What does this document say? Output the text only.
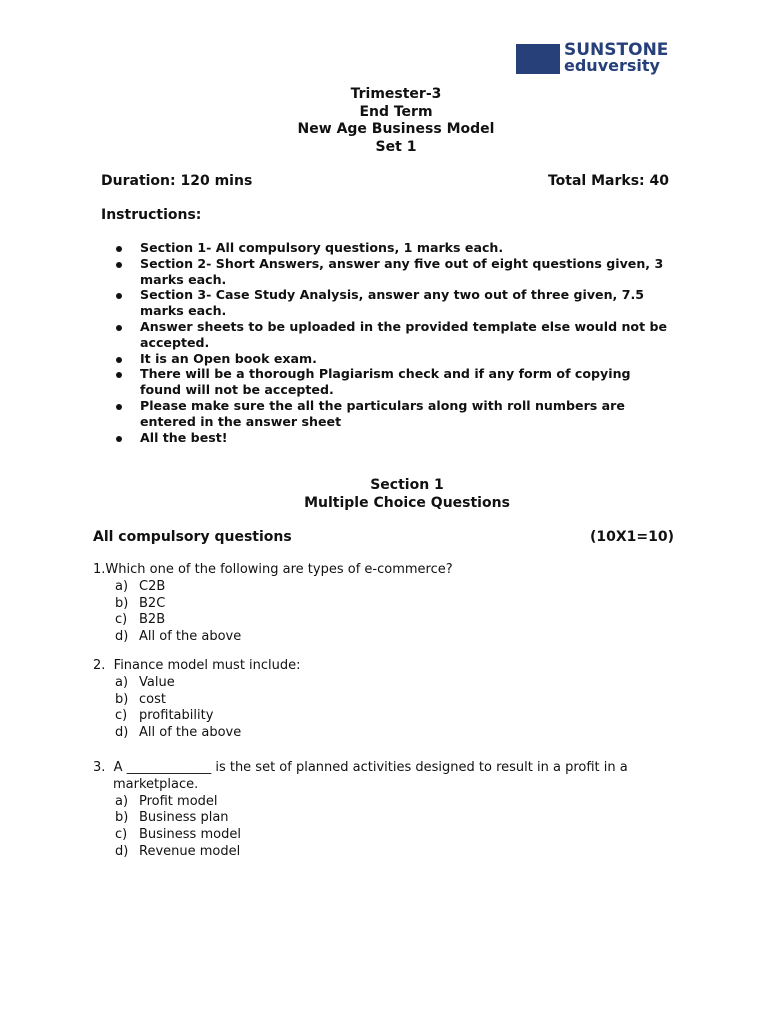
SUNSTONE
eduversity
Trimester-3
End Term
New Age Business Model
Set 1
Duration: 120 mins	Total Marks: 40
Instructions:
Section 1- All compulsory questions, 1 marks each.
Section 2- Short Answers, answer any five out of eight questions given, 3 marks each.
Section 3- Case Study Analysis, answer any two out of three given, 7.5 marks each.
Answer sheets to be uploaded in the provided template else would not be accepted.
It is an Open book exam.
There will be a thorough Plagiarism check and if any form of copying found will not be accepted.
Please make sure the all the particulars along with roll numbers are entered in the answer sheet
All the best!
Section 1
Multiple Choice Questions
All compulsory questions	(10X1=10)
1.Which one of the following are types of e-commerce?
a) C2B
b) B2C
c) B2B
d) All of the above
2.  Finance model must include:
a) Value
b) cost
c) profitability
d) All of the above
3.  A _____________ is the set of planned activities designed to result in a profit in a marketplace.
a) Profit model
b) Business plan
c) Business model
d) Revenue model
